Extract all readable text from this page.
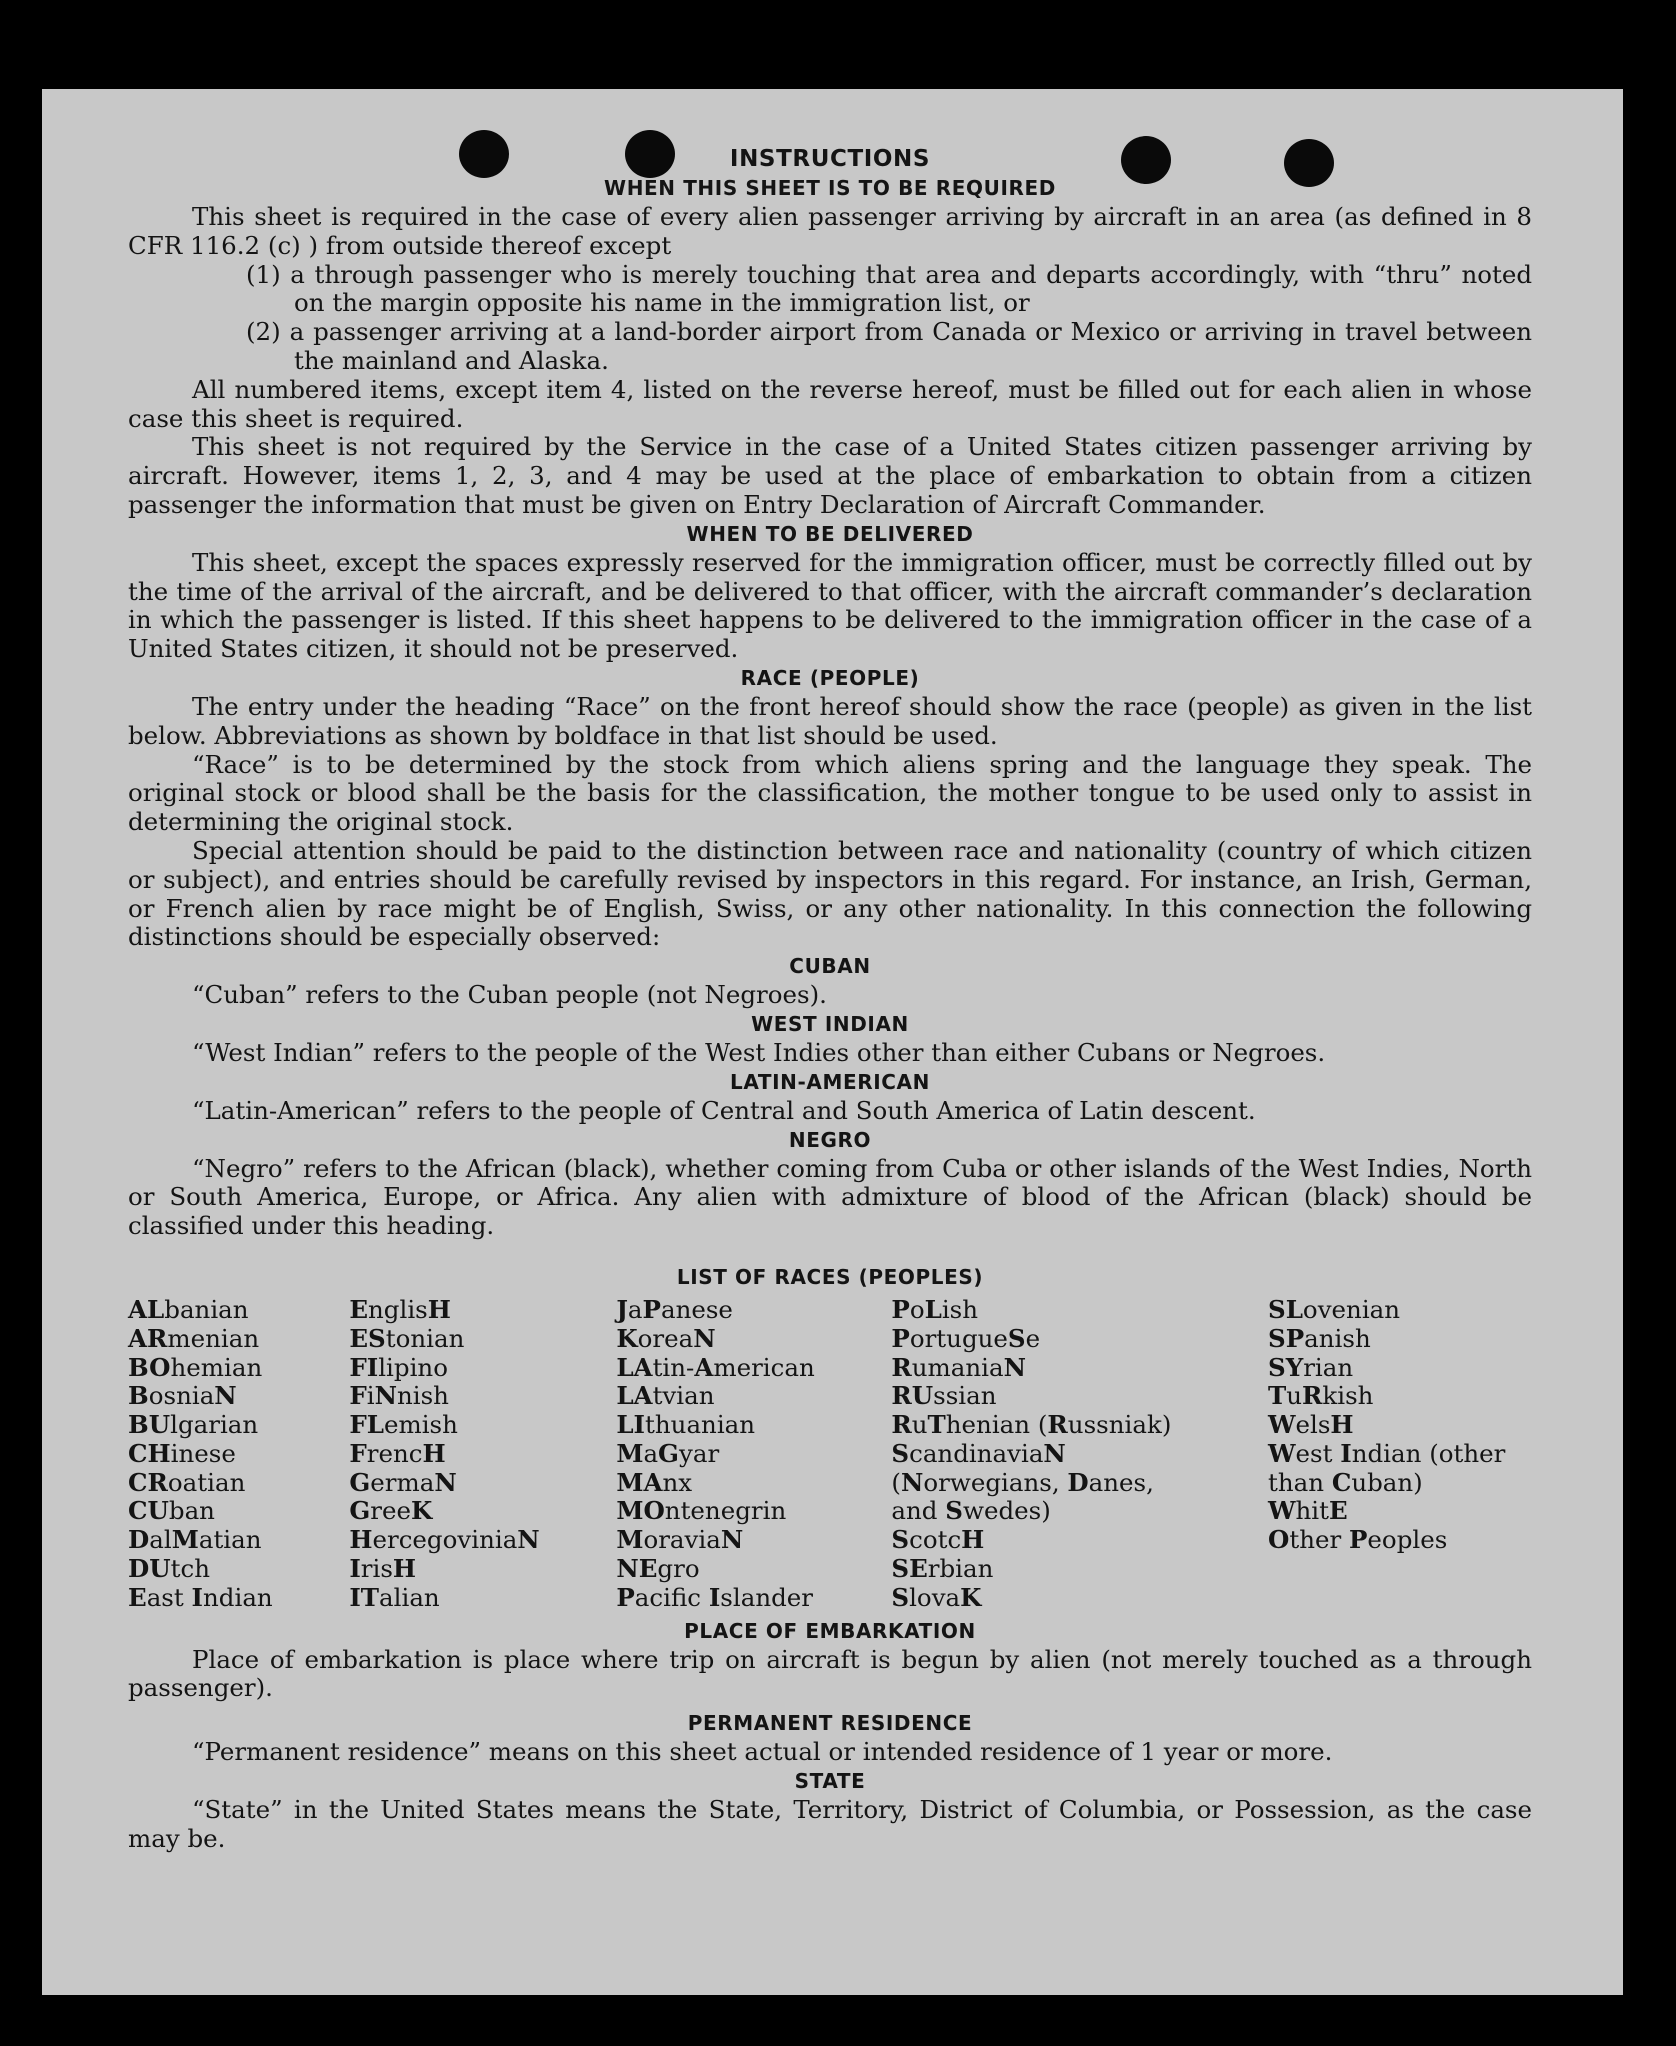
INSTRUCTIONS
WHEN THIS SHEET IS TO BE REQUIRED

This sheet is required in the case of every alien passenger arriving by aircraft in an area (as defined in 8 CFR 116.2 (c) ) from outside thereof except

(1) a through passenger who is merely touching that area and departs accordingly, with “thru” noted on the margin opposite his name in the immigration list, or

(2) a passenger arriving at a land-border airport from Canada or Mexico or arriving in travel between the mainland and Alaska.

All numbered items, except item 4, listed on the reverse hereof, must be filled out for each alien in whose case this sheet is required.

This sheet is not required by the Service in the case of a United States citizen passenger arriving by aircraft. However, items 1, 2, 3, and 4 may be used at the place of embarkation to obtain from a citizen passenger the information that must be given on Entry Declaration of Aircraft Commander.

WHEN TO BE DELIVERED

This sheet, except the spaces expressly reserved for the immigration officer, must be correctly filled out by the time of the arrival of the aircraft, and be delivered to that officer, with the aircraft commander’s declaration in which the passenger is listed. If this sheet happens to be delivered to the immigration officer in the case of a United States citizen, it should not be preserved.

RACE (PEOPLE)

The entry under the heading “Race” on the front hereof should show the race (people) as given in the list below. Abbreviations as shown by boldface in that list should be used.

“Race” is to be determined by the stock from which aliens spring and the language they speak. The original stock or blood shall be the basis for the classification, the mother tongue to be used only to assist in determining the original stock.

Special attention should be paid to the distinction between race and nationality (country of which citizen or subject), and entries should be carefully revised by inspectors in this regard. For instance, an Irish, German, or French alien by race might be of English, Swiss, or any other nationality. In this connection the following distinctions should be especially observed:

CUBAN

“Cuban” refers to the Cuban people (not Negroes).

WEST INDIAN

“West Indian” refers to the people of the West Indies other than either Cubans or Negroes.

LATIN-AMERICAN

“Latin-American” refers to the people of Central and South America of Latin descent.

NEGRO

“Negro” refers to the African (black), whether coming from Cuba or other islands of the West Indies, North or South America, Europe, or Africa. Any alien with admixture of blood of the African (black) should be classified under this heading.

LIST OF RACES (PEOPLES)
ALbanian
ARmenian
BOhemian
BosniaN
BUlgarian
CHinese
CRoatian
CUban
DalMatian
DUtch
East Indian
EnglisH
EStonian
FIlipino
FiNnish
FLemish
FrencH
GermaN
GreeK
HercegoviniaN
IrisH
ITalian
JaPanese
KoreaN
LAtin-American
LAtvian
LIthuanian
MaGyar
MAnx
MOntenegrin
MoraviaN
NEgro
Pacifc Islander
PoLish
PortugueSe
RumaniaN
RUssian
RuThenian (Russniak)
ScandinaviaN (Norwegians, Danes, and Swedes)
ScotcH
SErbian
SlovaK
SLovenian
SPanish
SYrian
TuRkish
WelsH
West Indian (other than Cuban)
WhitE
Other Peoples
PLACE OF EMBARKATION

Place of embarkation is place where trip on aircraft is begun by alien (not merely touched as a through passenger).

PERMANENT RESIDENCE

“Permanent residence” means on this sheet actual or intended residence of 1 year or more.

STATE

“State” in the United States means the State, Territory, District of Columbia, or Possession, as the case may be.
